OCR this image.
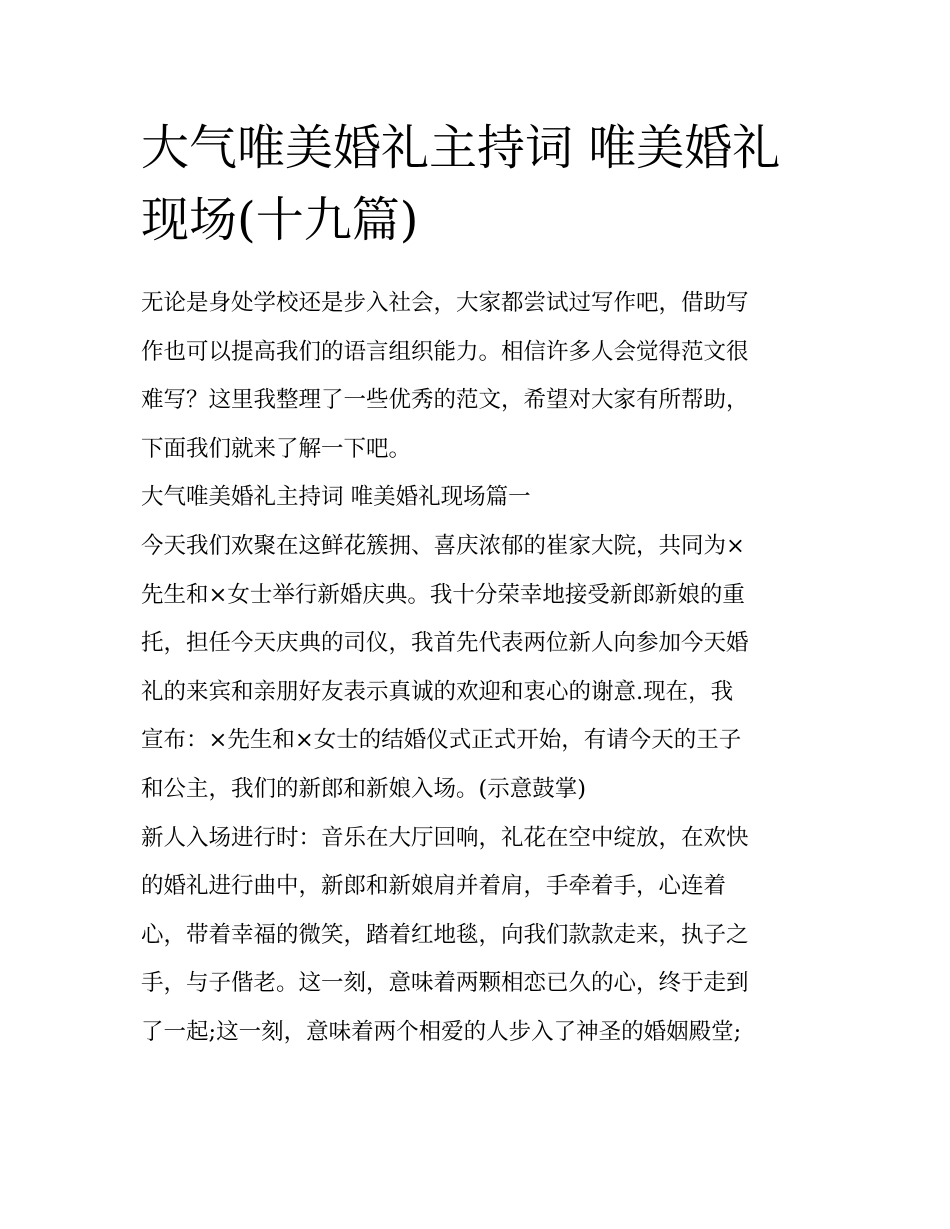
大气唯美婚礼主持词 唯美婚礼
现场(十九篇)

无论是身处学校还是步入社会，大家都尝试过写作吧，借助写
作也可以提高我们的语言组织能力。相信许多人会觉得范文很
难写？这里我整理了一些优秀的范文，希望对大家有所帮助，
下面我们就来了解一下吧。

大气唯美婚礼主持词 唯美婚礼现场篇一

今天我们欢聚在这鲜花簇拥、喜庆浓郁的崔家大院，共同为×
先生和×女士举行新婚庆典。我十分荣幸地接受新郎新娘的重
托，担任今天庆典的司仪，我首先代表两位新人向参加今天婚
礼的来宾和亲朋好友表示真诚的欢迎和衷心的谢意.现在，我
宣布：×先生和×女士的结婚仪式正式开始，有请今天的王子
和公主，我们的新郎和新娘入场。(示意鼓掌)

新人入场进行时：音乐在大厅回响，礼花在空中绽放，在欢快
的婚礼进行曲中，新郎和新娘肩并着肩，手牵着手，心连着
心，带着幸福的微笑，踏着红地毯，向我们款款走来，执子之
手，与子偕老。这一刻，意味着两颗相恋已久的心，终于走到
了一起;这一刻，意味着两个相爱的人步入了神圣的婚姻殿堂;
